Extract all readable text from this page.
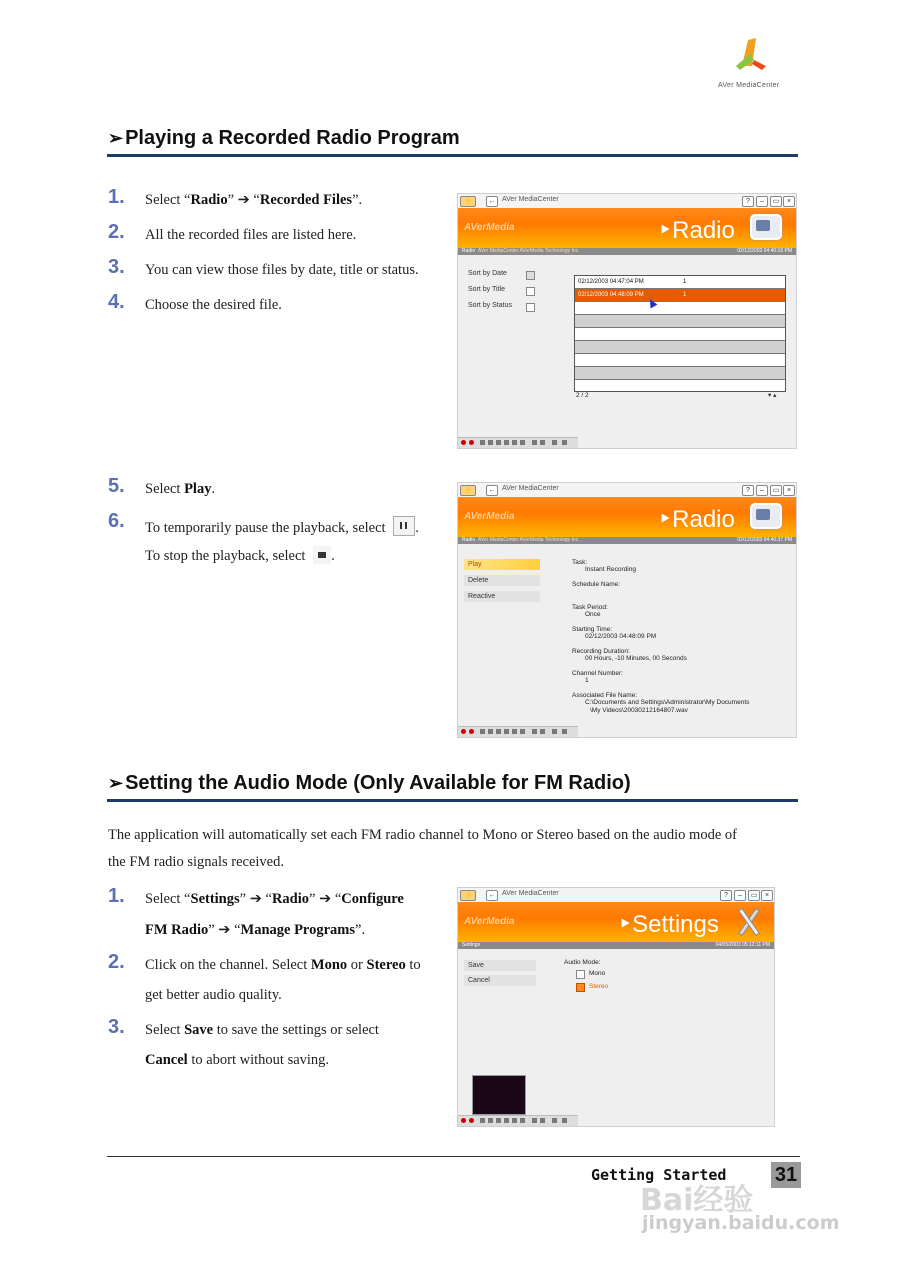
AVer MediaCenter
➢ Playing a Recorded Radio Program
1. Select “Radio” ➔ “Recorded Files”.
2. All the recorded files are listed here.
3. You can view those files by date, title or status.
4. Choose the desired file.
5. Select Play.
6. To temporarily pause the playback, select .
To stop the playback, select .
⚡	← AVer MediaCenter	?	–	▭	×
AVerMedia	‣Radio
Radio AVer MediaCenter AVerMedia Technology Inc.	02/12/2003 04:40:16 PM
Sort by Date
Sort by Title
Sort by Status
02/12/2003 04:47:04 PM	1
02/12/2003 04:48:09 PM	1
2 / 2	▾ ▴
⚡	← AVer MediaCenter	?	–	▭	×
AVerMedia	‣Radio
Radio AVer MediaCenter AVerMedia Technology Inc.	02/12/2003 04:40:37 PM
Play
Delete
Reactive
Task:
Instant Recording
Schedule Name:
Task Period:
Once
Starting Time:
02/12/2003 04:48:09 PM
Recording Duration:
00 Hours, -10 Minutes, 00 Seconds
Channel Number:
1
Associated File Name:
C:\Documents and Settings\Administrator\My Documents
\My Videos\20030212164807.wav
➢ Setting the Audio Mode (Only Available for FM Radio)
The application will automatically set each FM radio channel to Mono or Stereo based on the audio mode of
the FM radio signals received.
1. Select “Settings” ➔ “Radio” ➔ “Configure
FM Radio” ➔ “Manage Programs”.
2. Click on the channel. Select Mono or Stereo to
get better audio quality.
3. Select Save to save the settings or select
Cancel to abort without saving.
⚡	← AVer MediaCenter	?	–	▭	×
AVerMedia	‣Settings
Settings	04/05/2003 05:12:11 PM
Save
Cancel
Audio Mode:
Mono
Stereo
Getting Started 31
Bai经验
jingyan.baidu.com
